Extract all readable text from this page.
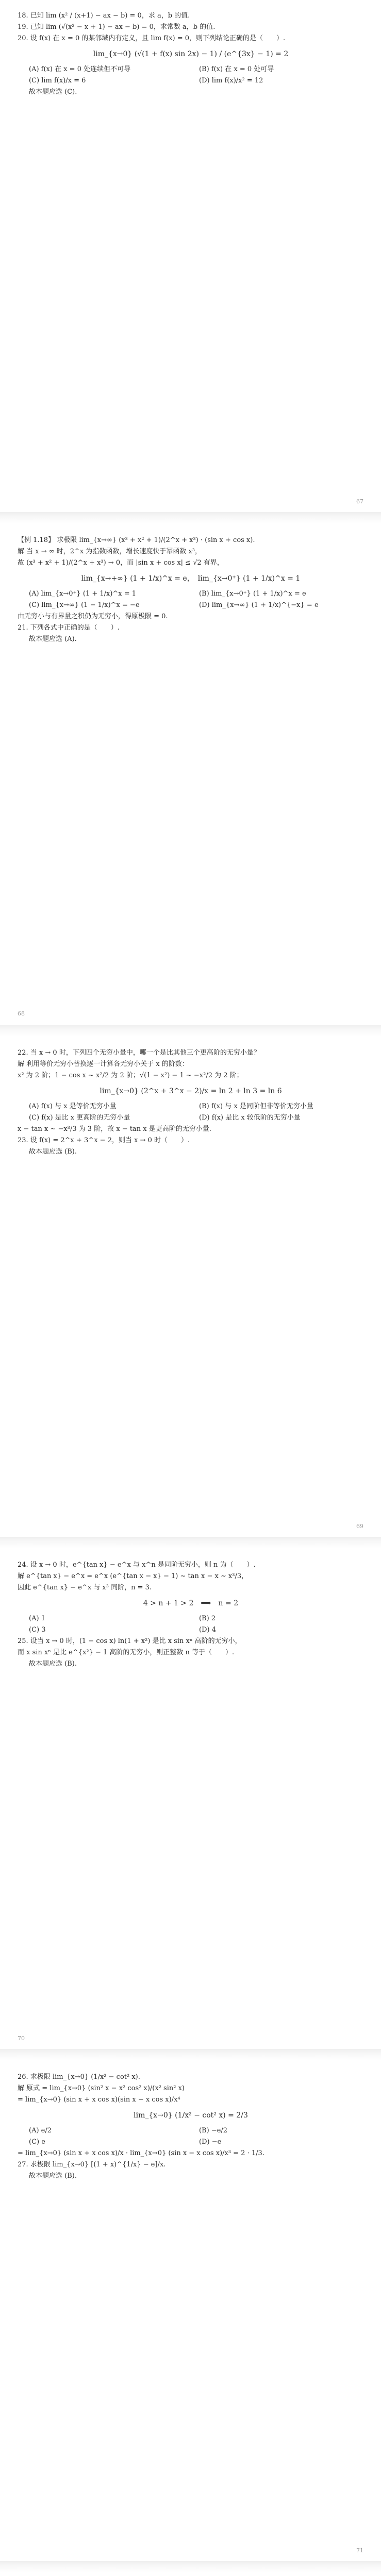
18. 已知 lim (x² / (x+1) − ax − b) = 0，求 a，b 的值.
19. 已知 lim (√(x² − x + 1) − ax − b) = 0，求常数 a，b 的值.
20. 设 f(x) 在 x = 0 的某邻域内有定义，且 lim f(x) = 0，则下列结论正确的是（　　）.
lim_{x→0} (√(1 + f(x) sin 2x) − 1) / (e^{3x} − 1) = 2
(A) f(x) 在 x = 0 处连续但不可导	(B) f(x) 在 x = 0 处可导
(C) lim f(x)/x = 6	(D) lim f(x)/x² = 12
故本题应选 (C).
67
【例 1.18】 求极限 lim_{x→∞} (x³ + x² + 1)/(2^x + x³) · (sin x + cos x).
解 当 x → ∞ 时，2^x 为指数函数，增长速度快于幂函数 x³，
故 (x³ + x² + 1)/(2^x + x³) → 0，而 |sin x + cos x| ≤ √2 有界，
lim_{x→+∞} (1 + 1/x)^x = e，　lim_{x→0⁺} (1 + 1/x)^x = 1
(A) lim_{x→0⁺} (1 + 1/x)^x = 1	(B) lim_{x→0⁺} (1 + 1/x)^x = e
(C) lim_{x→∞} (1 − 1/x)^x = −e	(D) lim_{x→∞} (1 + 1/x)^{−x} = e
由无穷小与有界量之积仍为无穷小，得原极限 = 0.
21. 下列各式中正确的是（　　）.
故本题应选 (A).
68
22. 当 x → 0 时，下列四个无穷小量中，哪一个是比其他三个更高阶的无穷小量？
解 利用等价无穷小替换逐一计算各无穷小关于 x 的阶数：
x² 为 2 阶；1 − cos x ~ x²/2 为 2 阶；√(1 − x²) − 1 ~ −x²/2 为 2 阶；
lim_{x→0} (2^x + 3^x − 2)/x = ln 2 + ln 3 = ln 6
(A) f(x) 与 x 是等价无穷小量	(B) f(x) 与 x 是同阶但非等价无穷小量
(C) f(x) 是比 x 更高阶的无穷小量	(D) f(x) 是比 x 较低阶的无穷小量
x − tan x ~ −x³/3 为 3 阶，故 x − tan x 是更高阶的无穷小量.
23. 设 f(x) = 2^x + 3^x − 2，则当 x → 0 时（　　）.
故本题应选 (B).
69
24. 设 x → 0 时，e^{tan x} − e^x 与 x^n 是同阶无穷小，则 n 为（　　）.
解 e^{tan x} − e^x = e^x (e^{tan x − x} − 1) ~ tan x − x ~ x³/3，
因此 e^{tan x} − e^x 与 x³ 同阶，n = 3.
4 > n + 1 > 2　⟹　n = 2
(A) 1	(B) 2
(C) 3	(D) 4
25. 设当 x → 0 时，(1 − cos x) ln(1 + x²) 是比 x sin xⁿ 高阶的无穷小，
而 x sin xⁿ 是比 e^{x²} − 1 高阶的无穷小，则正整数 n 等于（　　）.
故本题应选 (B).
70
26. 求极限 lim_{x→0} (1/x² − cot² x).
解 原式 = lim_{x→0} (sin² x − x² cos² x)/(x² sin² x)
= lim_{x→0} (sin x + x cos x)(sin x − x cos x)/x⁴
lim_{x→0} (1/x² − cot² x) = 2/3
(A) e/2	(B) −e/2
(C) e	(D) −e
= lim_{x→0} (sin x + x cos x)/x · lim_{x→0} (sin x − x cos x)/x³ = 2 · 1/3.
27. 求极限 lim_{x→0} [(1 + x)^{1/x} − e]/x.
故本题应选 (B).
71
